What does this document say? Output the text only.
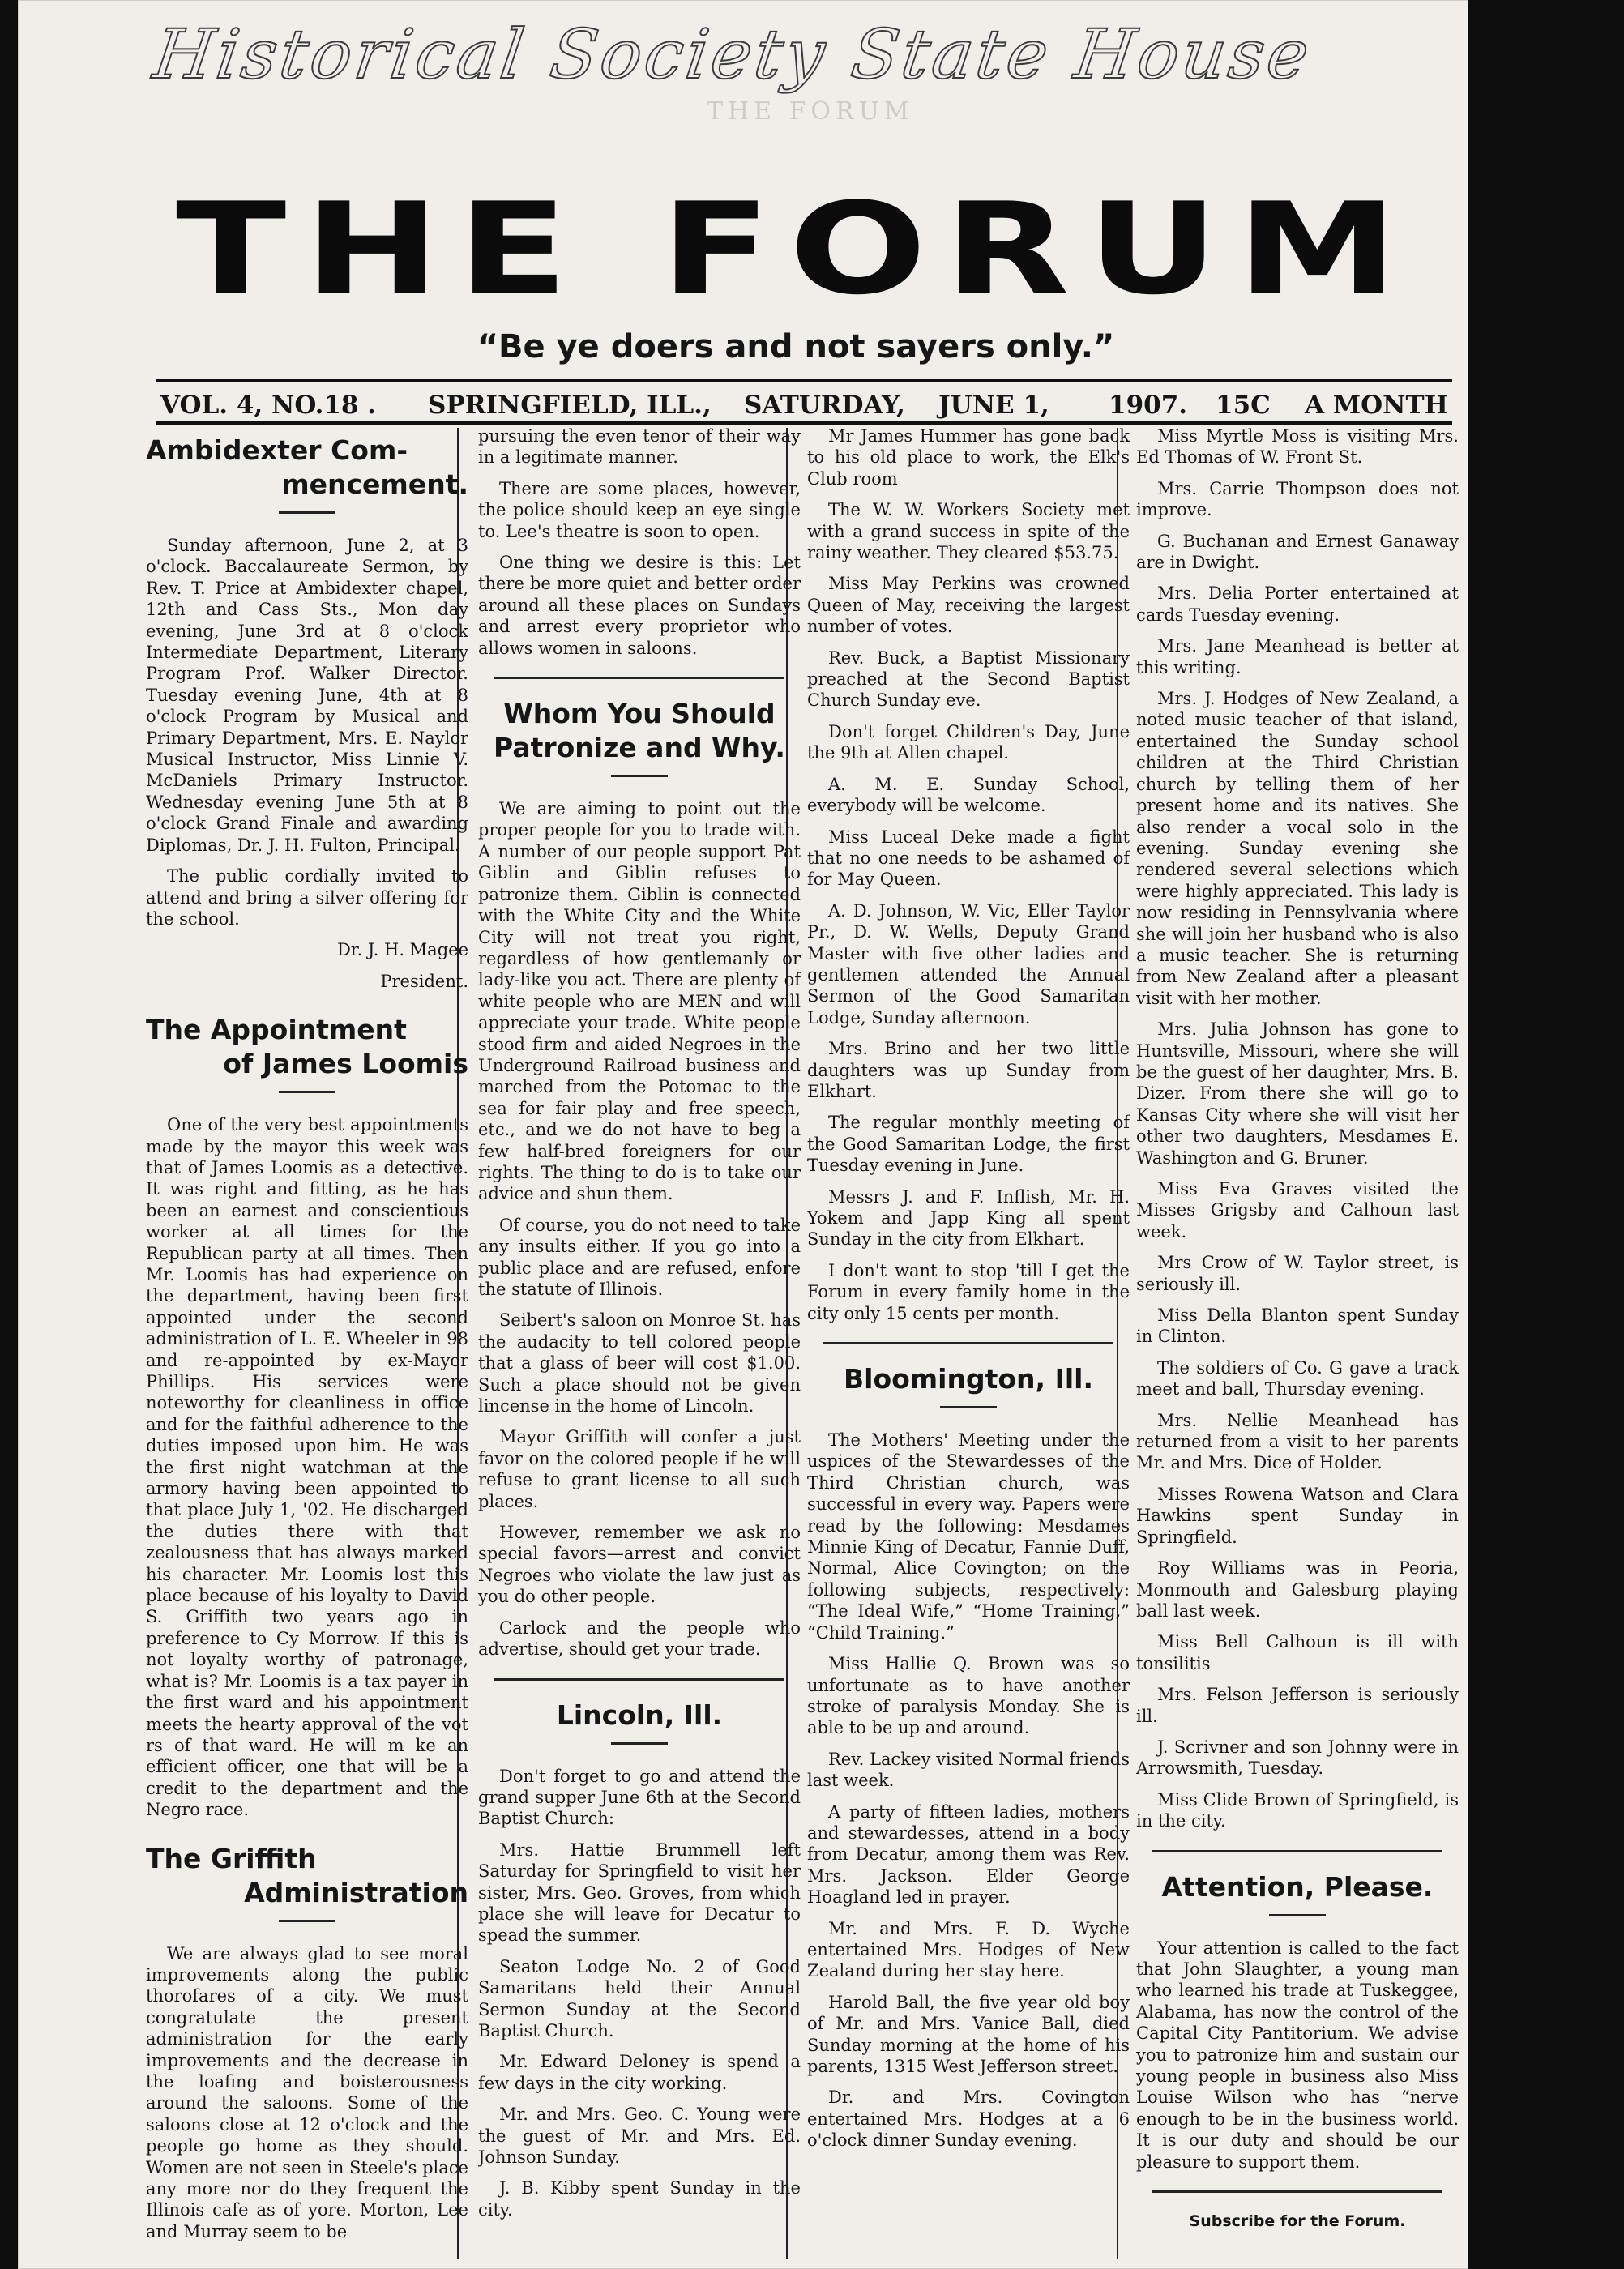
Historical Society State House
THE FORUM
THE FORUM
“Be ye doers and not sayers only.”
VOL. 4, NO.18 . SPRINGFIELD, ILL., SATURDAY, JUNE 1, 1907. 15C A MONTH
Ambidexter Com-
mencement.

Sunday afternoon, June 2, at 3 o'clock. Baccalaureate Sermon, by Rev. T. Price at Ambidexter chapel, 12th and Cass Sts., Mon day evening, June 3rd at 8 o'clock Intermediate Department, Literary Program Prof. Walker Director. Tuesday evening June, 4th at 8 o'clock Program by Musical and Primary Department, Mrs. E. Naylor Musical Instructor, Miss Linnie V. McDaniels Primary Instructor. Wednesday evening June 5th at 8 o'clock Grand Finale and awarding Diplomas, Dr. J. H. Fulton, Principal.

The public cordially invited to attend and bring a silver offering for the school.

Dr. J. H. Magee

President.

The Appointment
of James Loomis

One of the very best appointments made by the mayor this week was that of James Loomis as a detective. It was right and fitting, as he has been an earnest and conscientious worker at all times for the Republican party at all times. Then Mr. Loomis has had experience on the department, having been first appointed under the second administration of L. E. Wheeler in 98 and re-appointed by ex-Mayor Phillips. His services were noteworthy for cleanliness in office and for the faithful adherence to the duties imposed upon him. He was the first night watchman at the armory having been appointed to that place July 1, '02. He discharged the duties there with that zealousness that has always marked his character. Mr. Loomis lost this place because of his loyalty to David S. Griffith two years ago in preference to Cy Morrow. If this is not loyalty worthy of patronage, what is? Mr. Loomis is a tax payer in the first ward and his appointment meets the hearty approval of the vot rs of that ward. He will m ke an efficient officer, one that will be a credit to the department and the Negro race.

The Griffith
Administration

We are always glad to see moral improvements along the public thorofares of a city. We must congratulate the present administration for the early improvements and the decrease in the loafing and boisterousness around the saloons. Some of the saloons close at 12 o'clock and the people go home as they should. Women are not seen in Steele's place any more nor do they frequent the Illinois cafe as of yore. Morton, Lee and Murray seem to be

pursuing the even tenor of their way in a legitimate manner.

There are some places, however, the police should keep an eye single to. Lee's theatre is soon to open.

One thing we desire is this: Let there be more quiet and better order around all these places on Sundays and arrest every proprietor who allows women in saloons.

Whom You Should
Patronize and Why.

We are aiming to point out the proper people for you to trade with. A number of our people support Pat Giblin and Giblin refuses to patronize them. Giblin is connected with the White City and the White City will not treat you right, regardless of how gentlemanly or lady-like you act. There are plenty of white people who are MEN and will appreciate your trade. White people stood firm and aided Negroes in the Underground Railroad business and marched from the Potomac to the sea for fair play and free speech, etc., and we do not have to beg a few half-bred foreigners for our rights. The thing to do is to take our advice and shun them.

Of course, you do not need to take any insults either. If you go into a public place and are refused, enfore the statute of Illinois.

Seibert's saloon on Monroe St. has the audacity to tell colored people that a glass of beer will cost $1.00. Such a place should not be given lincense in the home of Lincoln.

Mayor Griffith will confer a just favor on the colored people if he will refuse to grant license to all such places.

However, remember we ask no special favors—arrest and convict Negroes who violate the law just as you do other people.

Carlock and the people who advertise, should get your trade.

Lincoln, Ill.

Don't forget to go and attend the grand supper June 6th at the Second Baptist Church:

Mrs. Hattie Brummell left Saturday for Springfield to visit her sister, Mrs. Geo. Groves, from which place she will leave for Decatur to spead the summer.

Seaton Lodge No. 2 of Good Samaritans held their Annual Sermon Sunday at the Second Baptist Church.

Mr. Edward Deloney is spend a few days in the city working.

Mr. and Mrs. Geo. C. Young were the guest of Mr. and Mrs. Ed. Johnson Sunday.

J. B. Kibby spent Sunday in the city.

Mr James Hummer has gone back to his old place to work, the Elk's Club room

The W. W. Workers Society met with a grand success in spite of the rainy weather. They cleared $53.75.

Miss May Perkins was crowned Queen of May, receiving the largest number of votes.

Rev. Buck, a Baptist Missionary preached at the Second Baptist Church Sunday eve.

Don't forget Children's Day, June the 9th at Allen chapel.

A. M. E. Sunday School, everybody will be welcome.

Miss Luceal Deke made a fight that no one needs to be ashamed of for May Queen.

A. D. Johnson, W. Vic, Eller Taylor Pr., D. W. Wells, Deputy Grand Master with five other ladies and gentlemen attended the Annual Sermon of the Good Samaritan Lodge, Sunday afternoon.

Mrs. Brino and her two little daughters was up Sunday from Elkhart.

The regular monthly meeting of the Good Samaritan Lodge, the first Tuesday evening in June.

Messrs J. and F. Inflish, Mr. H. Yokem and Japp King all spent Sunday in the city from Elkhart.

I don't want to stop 'till I get the Forum in every family home in the city only 15 cents per month.

Bloomington, Ill.

The Mothers' Meeting under the uspices of the Stewardesses of the Third Christian church, was successful in every way. Papers were read by the following: Mesdames Minnie King of Decatur, Fannie Duff, Normal, Alice Covington; on the following subjects, respectively: “The Ideal Wife,” “Home Training,” “Child Training.”

Miss Hallie Q. Brown was so unfortunate as to have another stroke of paralysis Monday. She is able to be up and around.

Rev. Lackey visited Normal friends last week.

A party of fifteen ladies, mothers and stewardesses, attend in a body from Decatur, among them was Rev. Mrs. Jackson. Elder George Hoagland led in prayer.

Mr. and Mrs. F. D. Wyche entertained Mrs. Hodges of New Zealand during her stay here.

Harold Ball, the five year old boy of Mr. and Mrs. Vanice Ball, died Sunday morning at the home of his parents, 1315 West Jefferson street.

Dr. and Mrs. Covington entertained Mrs. Hodges at a 6 o'clock dinner Sunday evening.

Miss Myrtle Moss is visiting Mrs. Ed Thomas of W. Front St.

Mrs. Carrie Thompson does not improve.

G. Buchanan and Ernest Ganaway are in Dwight.

Mrs. Delia Porter entertained at cards Tuesday evening.

Mrs. Jane Meanhead is better at this writing.

Mrs. J. Hodges of New Zealand, a noted music teacher of that island, entertained the Sunday school children at the Third Christian church by telling them of her present home and its natives. She also render a vocal solo in the evening. Sunday evening she rendered several selections which were highly appreciated. This lady is now residing in Pennsylvania where she will join her husband who is also a music teacher. She is returning from New Zealand after a pleasant visit with her mother.

Mrs. Julia Johnson has gone to Huntsville, Missouri, where she will be the guest of her daughter, Mrs. B. Dizer. From there she will go to Kansas City where she will visit her other two daughters, Mesdames E. Washington and G. Bruner.

Miss Eva Graves visited the Misses Grigsby and Calhoun last week.

Mrs Crow of W. Taylor street, is seriously ill.

Miss Della Blanton spent Sunday in Clinton.

The soldiers of Co. G gave a track meet and ball, Thursday evening.

Mrs. Nellie Meanhead has returned from a visit to her parents Mr. and Mrs. Dice of Holder.

Misses Rowena Watson and Clara Hawkins spent Sunday in Springfield.

Roy Williams was in Peoria, Monmouth and Galesburg playing ball last week.

Miss Bell Calhoun is ill with tonsilitis

Mrs. Felson Jefferson is seriously ill.

J. Scrivner and son Johnny were in Arrowsmith, Tuesday.

Miss Clide Brown of Springfield, is in the city.

Attention, Please.

Your attention is called to the fact that John Slaughter, a young man who learned his trade at Tuskeggee, Alabama, has now the control of the Capital City Pantitorium. We advise you to patronize him and sustain our young people in business also Miss Louise Wilson who has “nerve enough to be in the business world. It is our duty and should be our pleasure to support them.

Subscribe for the Forum.
